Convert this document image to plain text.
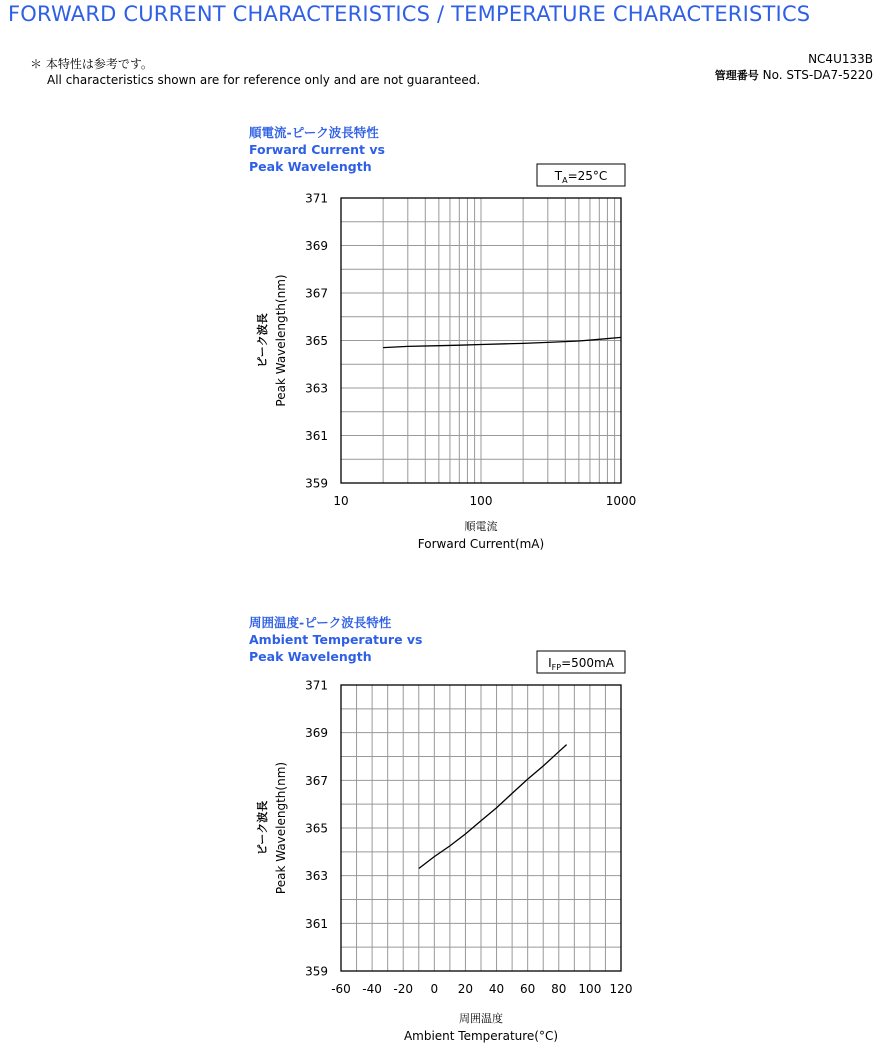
FORWARD CURRENT CHARACTERISTICS / TEMPERATURE CHARACTERISTICS
＊ 本特性は参考です。
All characteristics shown are for reference only and are not guaranteed.
NC4U133B
管理番号 No. STS-DA7-5220
順電流-ピーク波長特性
Forward Current vs
Peak Wavelength
周囲温度-ピーク波長特性
Ambient Temperature vs
Peak Wavelength
371
369
367
365
363
361
359
10	100	1000
$T_A=25^\circ C$
順電流
Forward Current(mA)
ピーク波長 Peak Wavelength(nm)
371
369
367
365
363
361
359
-60 -40 -20 0 20 40 60 80 100 120
$I_{FP}=500mA$
周囲温度
Ambient Temperature(°C)
ピーク波長 Peak Wavelength(nm)
